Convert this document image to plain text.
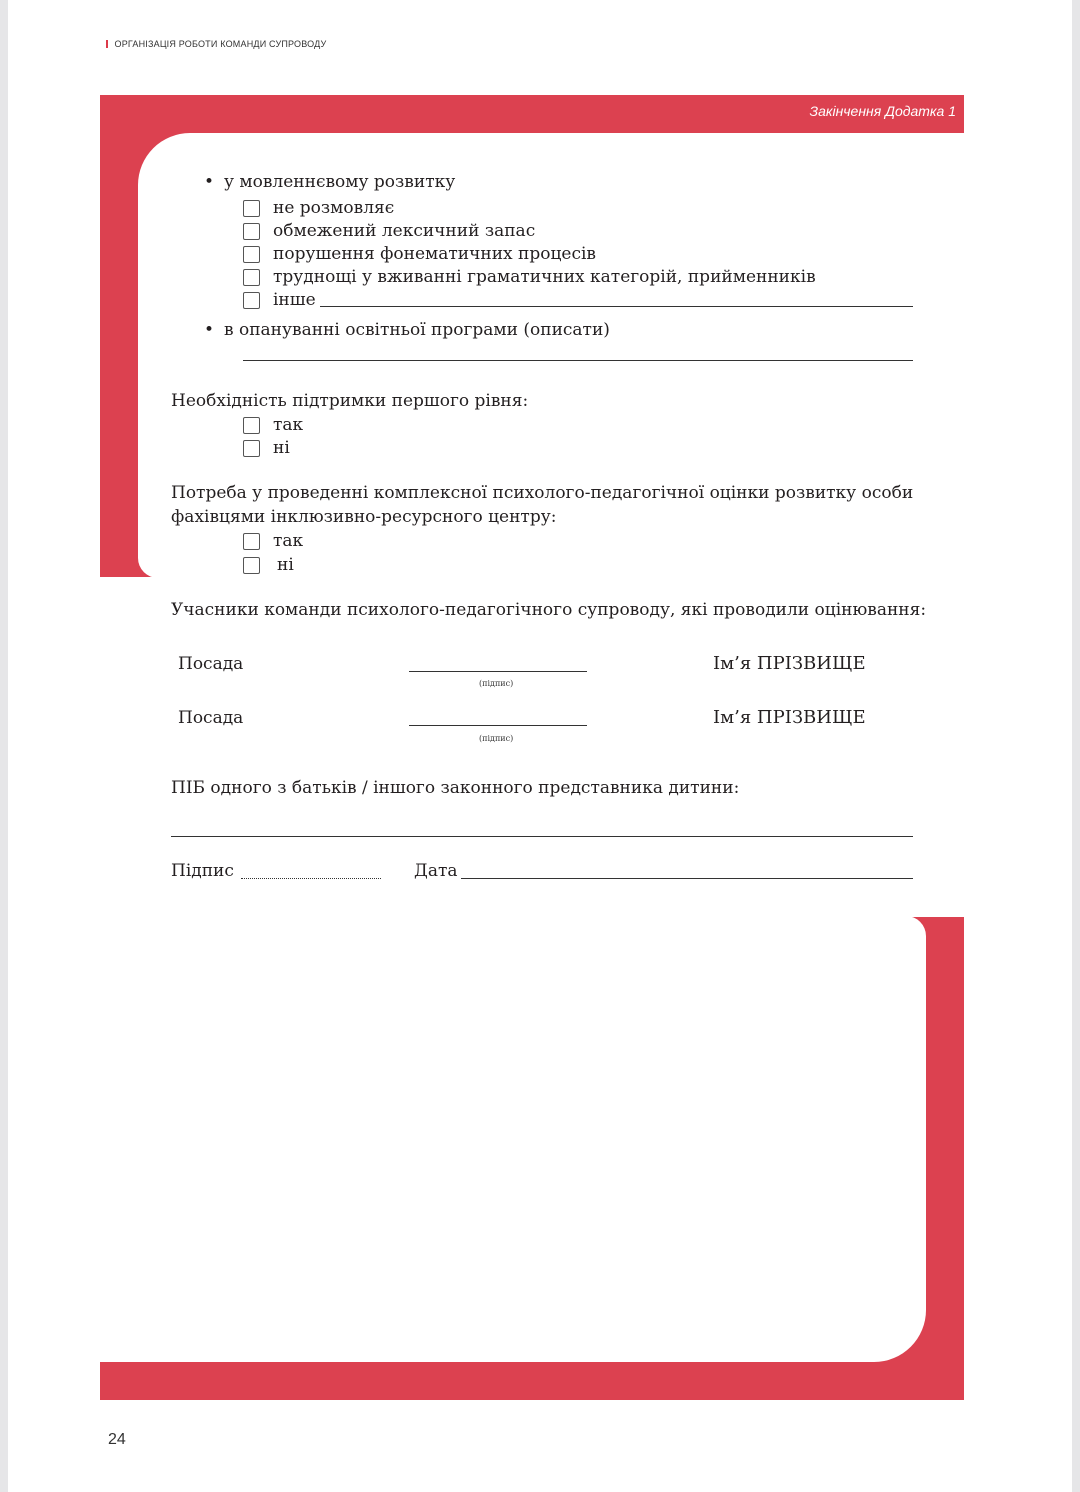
ОРГАНІЗАЦІЯ РОБОТИ КОМАНДИ СУПРОВОДУ
Закінчення Додатка 1
• у мовленнєвому розвитку
не розмовляє
обмежений лексичний запас
порушення фонематичних процесів
труднощі у вживанні граматичних категорій, прийменників
інше
• в опануванні освітньої програми (описати)
Необхідність підтримки першого рівня:
так
ні
Потреба у проведенні комплексної психолого-педагогічної оцінки розвитку особи
фахівцями інклюзивно-ресурсного центру:
так
ні
Учасники команди психолого-педагогічного супроводу, які проводили оцінювання:
Посада
(підпис)
Ім’я ПРІЗВИЩЕ
Посада
(підпис)
Ім’я ПРІЗВИЩЕ
ПІБ одного з батьків / іншого законного представника дитини:
Підпис	Дата
24
